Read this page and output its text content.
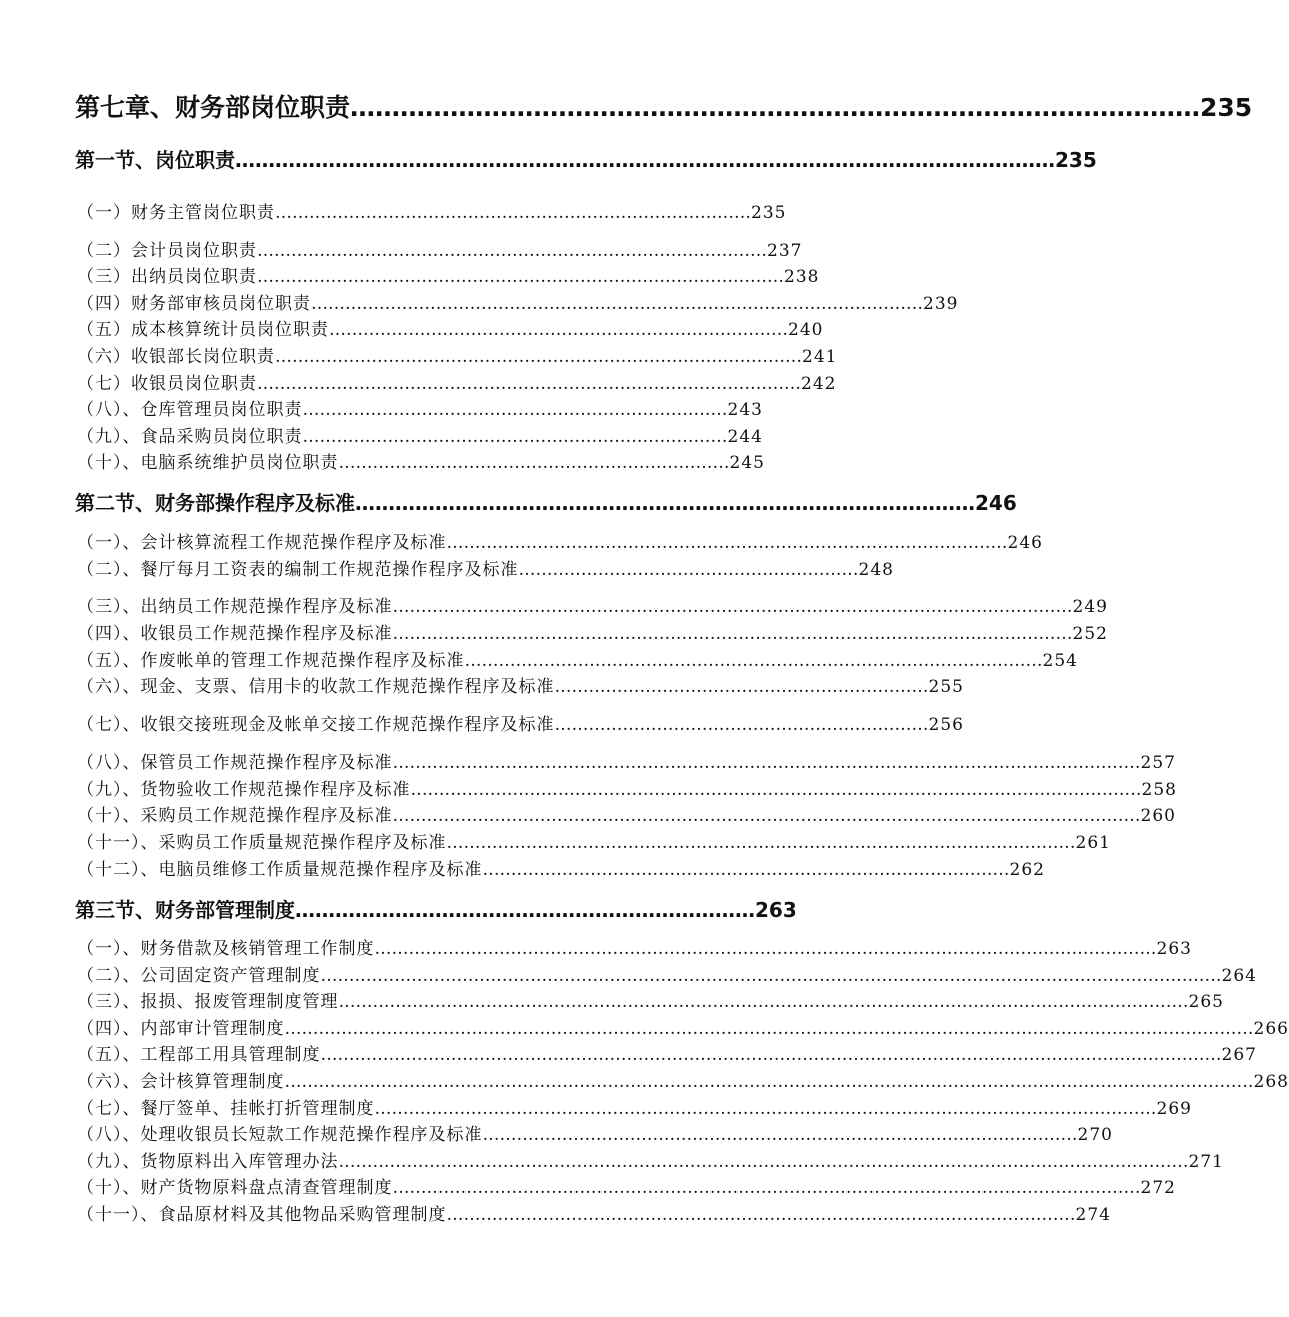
第七章、财务部岗位职责 ………………………………………………………………………………………… 235
第一节、岗位职责 …………………………………………………………………………………………………………… 235
（一）财务主管岗位职责 ………………………………………………………………………… 235
（二）会计员岗位职责 ……………………………………………………………………………… 237
（三）出纳员岗位职责 ………………………………………………………………………………… 238
（四）财务部审核员岗位职责 ……………………………………………………………………………………………… 239
（五）成本核算统计员岗位职责 ……………………………………………………………………… 240
（六）收银部长岗位职责 ………………………………………………………………………………… 241
（七）收银员岗位职责 …………………………………………………………………………………… 242
（八）、仓库管理员岗位职责 ………………………………………………………………… 243
（九）、食品采购员岗位职责 ………………………………………………………………… 244
（十）、电脑系统维护员岗位职责 …………………………………………………………… 245
第二节、财务部操作程序及标准 ………………………………………………………………………………… 246
（一）、会计核算流程工作规范操作程序及标准 ……………………………………………………………………………………… 246
（二）、餐厅每月工资表的编制工作规范操作程序及标准 …………………………………………………… 248
（三）、出纳员工作规范操作程序及标准 ………………………………………………………………………………………………………… 249
（四）、收银员工作规范操作程序及标准 ………………………………………………………………………………………………………… 252
（五）、作废帐单的管理工作规范操作程序及标准 ………………………………………………………………………………………… 254
（六）、现金、支票、信用卡的收款工作规范操作程序及标准 ………………………………………………………… 255
（七）、收银交接班现金及帐单交接工作规范操作程序及标准 ………………………………………………………… 256
（八）、保管员工作规范操作程序及标准 …………………………………………………………………………………………………………………… 257
（九）、货物验收工作规范操作程序及标准 ………………………………………………………………………………………………………………… 258
（十）、采购员工作规范操作程序及标准 …………………………………………………………………………………………………………………… 260
（十一）、采购员工作质量规范操作程序及标准 ………………………………………………………………………………………………… 261
（十二）、电脑员维修工作质量规范操作程序及标准 ………………………………………………………………………………… 262
第三节、财务部管理制度 …………………………………………………………… 263
（一）、财务借款及核销管理工作制度 ………………………………………………………………………………………………………………………… 263
（二）、公司固定资产管理制度 …………………………………………………………………………………………………………………………………………… 264
（三）、报损、报废管理制度管理 …………………………………………………………………………………………………………………………………… 265
（四）、内部审计管理制度 ……………………………………………………………………………………………………………………………………………………… 266
（五）、工程部工用具管理制度 …………………………………………………………………………………………………………………………………………… 267
（六）、会计核算管理制度 ……………………………………………………………………………………………………………………………………………………… 268
（七）、餐厅签单、挂帐打折管理制度 ………………………………………………………………………………………………………………………… 269
（八）、处理收银员长短款工作规范操作程序及标准 …………………………………………………………………………………………… 270
（九）、货物原料出入库管理办法 …………………………………………………………………………………………………………………………………… 271
（十）、财产货物原料盘点清查管理制度 …………………………………………………………………………………………………………………… 272
（十一）、食品原材料及其他物品采购管理制度 ………………………………………………………………………………………………… 274
